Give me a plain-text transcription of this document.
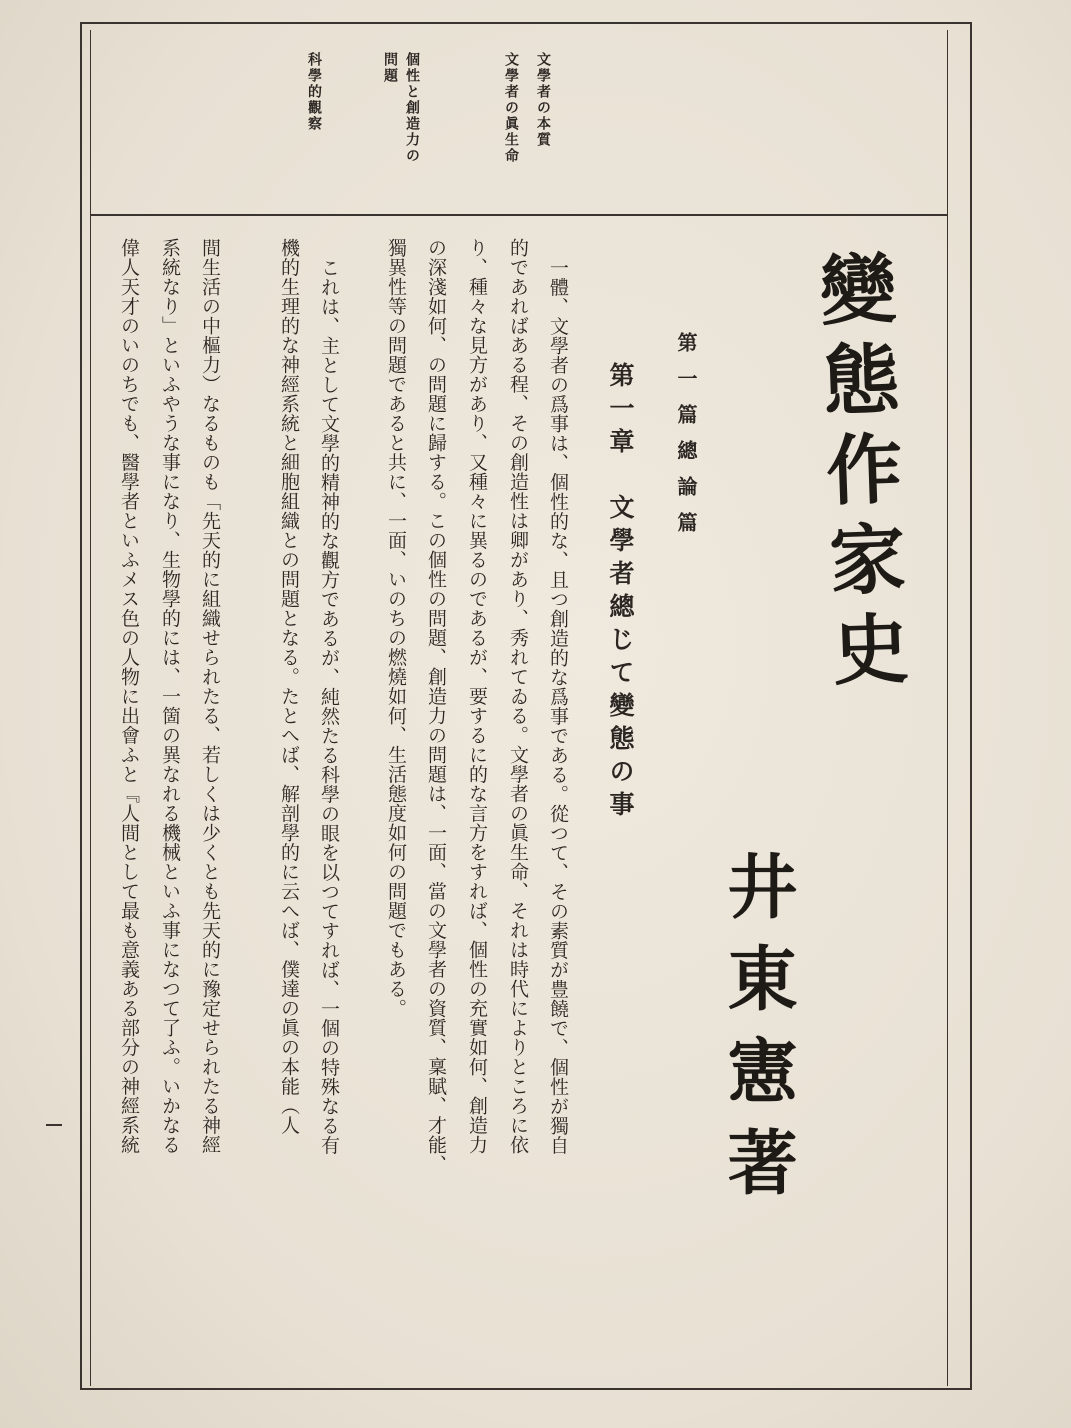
文學者の本質
文學者の眞生命
個性と創造力の
問題
科學的觀察
變態作家史
井東憲著
第一篇總論篇
第一章　文學者總じて變態の事
一體、文學者の爲事は、個性的な、且つ創造的な爲事である。從つて、その素質が豊饒で、個性が獨自
的であればある程、その創造性は卿があり、秀れてゐる。文學者の眞生命、それは時代によりところに依
り、種々な見方があり、又種々に異るのであるが、要するに的な言方をすれば、個性の充實如何、創造力
の深淺如何、の問題に歸する。この個性の問題、創造力の問題は、一面、當の文學者の資質、稟賦、才能、
獨異性等の問題であると共に、一面、いのちの燃燒如何、生活態度如何の問題でもある。
これは、主として文學的精神的な觀方であるが、純然たる科學の眼を以つてすれば、一個の特殊なる有
機的生理的な神經系統と細胞組織との問題となる。たとへば、解剖學的に云へば、僕達の眞の本能（人
間生活の中樞力）なるものも「先天的に組織せられたる、若しくは少くとも先天的に豫定せられたる神經
系統なり」といふやうな事になり、生物學的には、一箇の異なれる機械といふ事になつて了ふ。いかなる
偉人天才のいのちでも、醫學者といふメス色の人物に出會ふと『人間として最も意義ある部分の神經系統
